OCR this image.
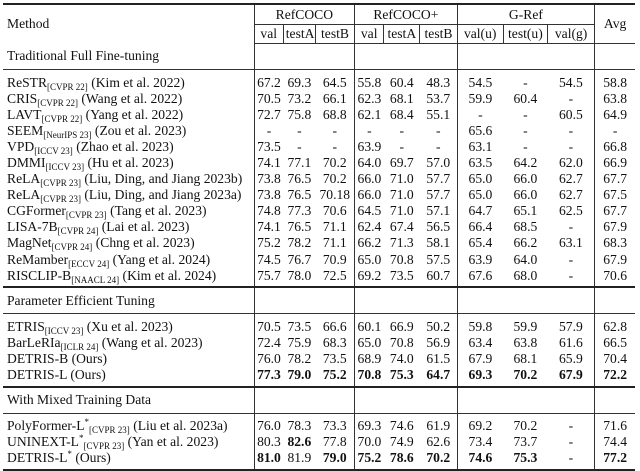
Method	RefCOCO			RefCOCO+			G-Ref			Avg
	val	testA	testB	val	testA	testB	val(u)	test(u)	val(g)	
Traditional Full Fine-tuning										
ReSTR$_{[CVPR 22]}$ (Kim et al. 2022)	67.2	69.3	64.5	55.8	60.4	48.3	54.5	-	54.5	58.8
$CRIS_{[CVPR 22]}$ (Wang et al. 2022)	70.5	73.2	66.1	62.3	68.1	53.7	59.9	60.4	-	63.8
$LAVT_{[CVPR 22]}$ (Yang et al. 2022)	72.7	75.8	68.8	62.1	68.4	55.1	-	-	60.5	64.9
$SEEM_{[NeurIPS 23]}$ (Zou et al. 2023)	-	-	-	-	-	-	65.6	-	-	-
$VPD_{[ICCV 23]}$ (Zhao et al. 2023)	73.5	-	-	63.9	-	-	63.1	-	-	66.8
$DMMI_{[ICCV 23]}$ (Hu et al. 2023)	74.1	77.1	70.2	64.0	69.7	57.0	63.5	64.2	62.0	66.9
ReLA$_{[CVPR 23]}$ (Liu, Ding, and Jiang 2023b)	73.8	76.5	70.2	66.0	71.0	57.7	65.0	66.0	62.7	67.7
ReLA$_{[CVPR 23]}$ (Liu, Ding, and Jiang 2023a)	73.8	76.5	70.18	66.0	71.0	57.7	65.0	66.0	62.7	67.5
CGFormer$_{[CVPR 23]}$ (Tang et al. 2023)	74.8	77.3	70.6	64.5	71.0	57.1	64.7	65.1	62.5	67.7
LISA-$7B_{[CVPR 24]}$ (Lai et al. 2023)	74.1	76.5	71.1	62.4	67.4	56.5	66.4	68.5	-	67.9
MagNet$_{[CVPR 24]}$ (Chng et al. 2023)	75.2	78.2	71.1	66.2	71.3	58.1	65.4	66.2	63.1	68.3
ReMamber$_{[ECCV 24]}$ (Yang et al. 2024)	74.5	76.7	70.9	65.0	70.8	57.5	63.9	64.0	-	67.9
RISCLIP-$B_{[NAACL 24]}$ (Kim et al. 2024)	75.7	78.0	72.5	69.2	73.5	60.7	67.6	68.0	-	70.6
Parameter Efficient Tuning										
$ETRIS_{[ICCV 23]}$ (Xu et al. 2023)	70.5	73.5	66.6	60.1	66.9	50.2	59.8	59.9	57.9	62.8
BarLeRIa$_{[ICLR 24]}$ (Wang et al. 2023)	72.4	75.9	68.3	65.0	70.8	56.9	63.4	63.8	61.6	66.5
DETRIS-B (Ours)	76.0	78.2	73.5	68.9	74.0	61.5	67.9	68.1	65.9	70.4
DETRIS-L (Ours)	77.3	79.0	75.2	70.8	75.3	64.7	69.3	70.2	67.9	72.2
With Mixed Training Data										
PolyFormer-$L^*_{[CVPR 23]}$ (Liu et al. 2023a)	76.0	78.3	73.3	69.3	74.6	61.9	69.2	70.2	-	71.6
UNINEXT-$L^*_{[CVPR 23]}$ (Yan et al. 2023)	80.3	82.6	77.8	70.0	74.9	62.6	73.4	73.7	-	74.4
DETRIS-L* (Ours)	81.0	81.9	79.0	75.2	78.6	70.2	74.6	75.3	-	77.2
